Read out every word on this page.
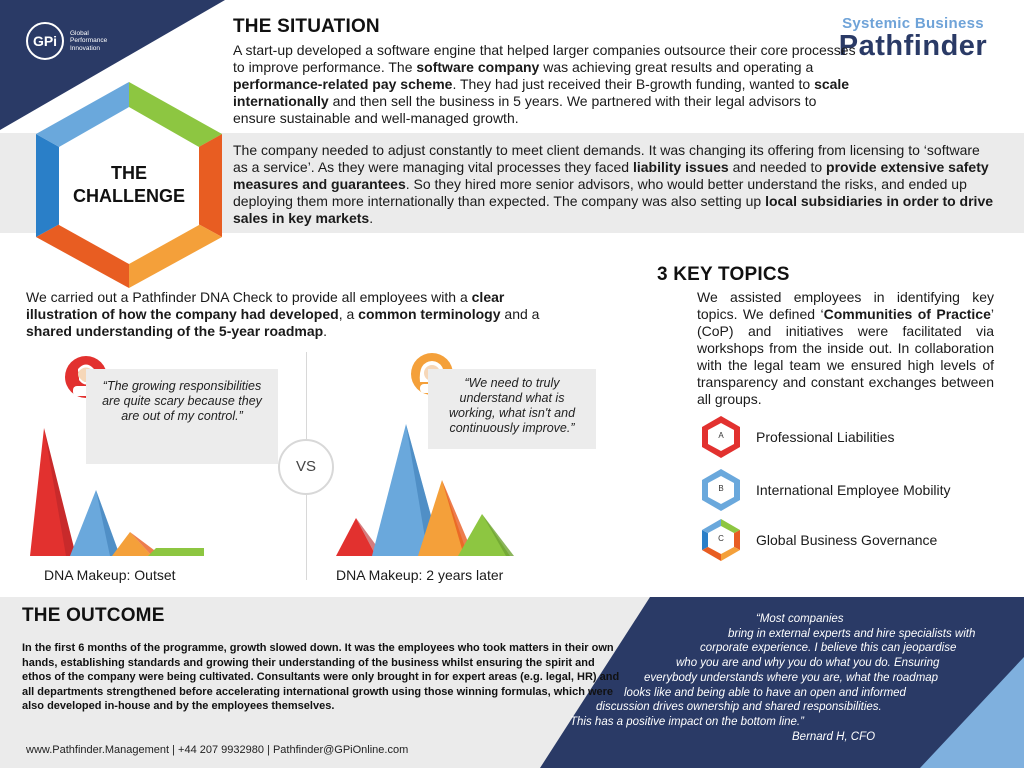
GPi	Global
Performance
Innovation
Systemic Business
Pathfinder
THE
CHALLENGE
THE SITUATION
A start-up developed a software engine that helped larger companies outsource their core processes to improve performance. The software company was achieving great results and operating a performance-related pay scheme. They had just received their B-growth funding, wanted to scale internationally and then sell the business in 5 years. We partnered with their legal advisors to ensure sustainable and well-managed growth.
The company needed to adjust constantly to meet client demands. It was changing its offering from licensing to ‘software as a service’. As they were managing vital processes they faced liability issues and needed to provide extensive safety measures and guarantees. So they hired more senior advisors, who would better understand the risks, and ended up deploying them more internationally than expected. The company was also setting up local subsidiaries in order to drive sales in key markets.
We carried out a Pathfinder DNA Check to provide all employees with a clear illustration of how the company had developed, a common terminology and a shared understanding of the 5-year roadmap.
“The growing responsibilities are quite scary because they are out of my control.”
“We need to truly understand what is working, what isn't and continuously improve.”
VS
DNA Makeup: Outset	DNA Makeup: 2 years later
3 KEY TOPICS
We assisted employees in identifying key topics. We defined ‘Communities of Practice’ (CoP) and initiatives were facilitated via workshops from the inside out. In collaboration with the legal team we ensured high levels of transparency and constant exchanges between all groups.
A	Professional Liabilities
B	International Employee Mobility
C	Global Business Governance
THE OUTCOME
In the first 6 months of the programme, growth slowed down. It was the employees who took matters in their own hands, establishing standards and growing their understanding of the business whilst ensuring the spirit and ethos of the company were being cultivated. Consultants were only brought in for expert areas (e.g. legal, HR) and all departments strengthened before accelerating international growth using those winning formulas, which were also developed in-house and by the employees themselves.
“Most companies
bring in external experts and hire specialists with
corporate experience. I believe this can jeopardise
who you are and why you do what you do. Ensuring
everybody understands where you are, what the roadmap
looks like and being able to have an open and informed
discussion drives ownership and shared responsibilities.
This has a positive impact on the bottom line.”
Bernard H, CFO
www.Pathfinder.Management | +44 207 9932980 | Pathfinder@GPiOnline.com
